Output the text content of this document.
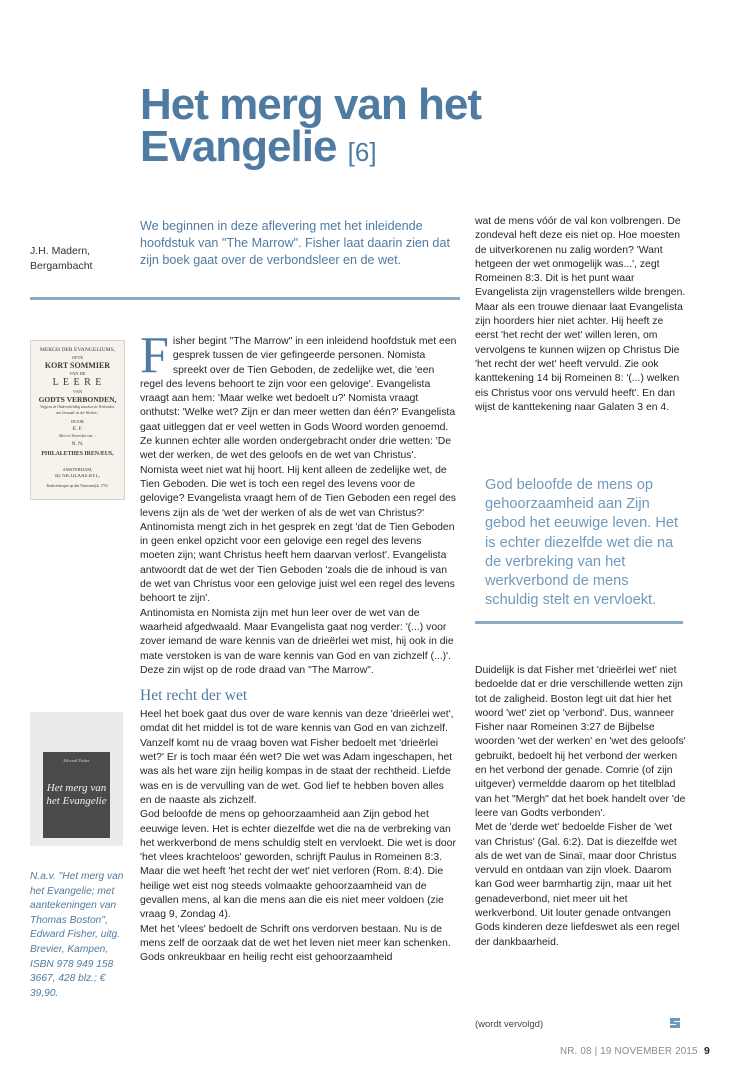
Het merg van het Evangelie [6]
J.H. Madern,
Bergambacht
We beginnen in deze aflevering met het inleidende hoofdstuk van "The Marrow". Fisher laat daarin zien dat zijn boek gaat over de verbondsleer en de wet.
MERGH DER EVANGELIUMS,
OFTE
KORT SOMMIER
VAN DE
L E E R E
VAN
GODTS VERBONDEN,
Vrijgens de Onderscheiding tusschen de Verbonden,
van Genaade en der Werken...
DOOR
E. F.
Met een Voorreden van ...
N. N.
PHILALETHES IRENÆUS,
AMSTERDAM,
By NICOLAAS BYL,
Boekverkooper op den Nieuwendyk, 1753.
Edward Fisher
Het merg van
het Evangelie
N.a.v. "Het merg van het Evangelie; met aantekeningen van Thomas Boston", Edward Fisher, uitg. Brevier, Kampen, ISBN 978 949 158 3667, 428 blz.; € 39,90.

Fisher begint "The Marrow" in een inleidend hoofdstuk met een gesprek tussen de vier gefingeerde personen. Nomista spreekt over de Tien Geboden, de zedelijke wet, die 'een regel des levens behoort te zijn voor een gelovige'. Evangelista vraagt aan hem: 'Maar welke wet bedoelt u?' Nomista vraagt onthutst: 'Welke wet? Zijn er dan meer wetten dan één?' Evangelista gaat uitleggen dat er veel wetten in Gods Woord worden genoemd. Ze kunnen echter alle worden ondergebracht onder drie wetten: 'De wet der werken, de wet des geloofs en de wet van Christus'.

Nomista weet niet wat hij hoort. Hij kent alleen de zedelijke wet, de Tien Geboden. Die wet is toch een regel des levens voor de gelovige? Evangelista vraagt hem of de Tien Geboden een regel des levens zijn als de 'wet der werken of als de wet van Christus?'

Antinomista mengt zich in het gesprek en zegt 'dat de Tien Geboden in geen enkel opzicht voor een gelovige een regel des levens moeten zijn; want Christus heeft hem daarvan verlost'. Evangelista antwoordt dat de wet der Tien Geboden 'zoals die de inhoud is van de wet van Christus voor een gelovige juist wel een regel des levens behoort te zijn'.

Antinomista en Nomista zijn met hun leer over de wet van de waarheid afgedwaald. Maar Evangelista gaat nog verder: '(...) voor zover iemand de ware kennis van de drieërlei wet mist, hij ook in die mate verstoken is van de ware kennis van God en van zichzelf (...)'. Deze zin wijst op de rode draad van "The Marrow".

Het recht der wet

Heel het boek gaat dus over de ware kennis van deze 'drieërlei wet', omdat dit het middel is tot de ware kennis van God en van zichzelf. Vanzelf komt nu de vraag boven wat Fisher bedoelt met 'drieërlei wet?' Er is toch maar één wet? Die wet was Adam ingeschapen, het was als het ware zijn heilig kompas in de staat der rechtheid. Liefde was en is de vervulling van de wet. God lief te hebben boven alles en de naaste als zichzelf.

God beloofde de mens op gehoorzaamheid aan Zijn gebod het eeuwige leven. Het is echter diezelfde wet die na de verbreking van het werkverbond de mens schuldig stelt en vervloekt. Die wet is door 'het vlees krachteloos' geworden, schrijft Paulus in Romeinen 8:3. Maar die wet heeft 'het recht der wet' niet verloren (Rom. 8:4). Die heilige wet eist nog steeds volmaakte gehoorzaamheid van de gevallen mens, al kan die mens aan die eis niet meer voldoen (zie vraag 9, Zondag 4).

Met het 'vlees' bedoelt de Schrift ons verdorven bestaan. Nu is de mens zelf de oorzaak dat de wet het leven niet meer kan schenken. Gods onkreukbaar en heilig recht eist gehoorzaamheid

wat de mens vóór de val kon volbrengen. De zondeval heft deze eis niet op. Hoe moesten de uitverkorenen nu zalig worden? 'Want hetgeen der wet onmogelijk was...', zegt Romeinen 8:3. Dit is het punt waar Evangelista zijn vragenstellers wilde brengen.

Maar als een trouwe dienaar laat Evangelista zijn hoorders hier niet achter. Hij heeft ze eerst 'het recht der wet' willen leren, om vervolgens te kunnen wijzen op Christus Die 'het recht der wet' heeft vervuld. Zie ook kanttekening 14 bij Romeinen 8: '(...) welken eis Christus voor ons vervuld heeft'. En dan wijst de kanttekening naar Galaten 3 en 4.

God beloofde de mens op gehoorzaamheid aan Zijn gebod het eeuwige leven. Het is echter diezelfde wet die na de verbreking van het werkverbond de mens schuldig stelt en vervloekt.

Duidelijk is dat Fisher met 'drieërlei wet' niet bedoelde dat er drie verschillende wetten zijn tot de zaligheid. Boston legt uit dat hier het woord 'wet' ziet op 'verbond'. Dus, wanneer Fisher naar Romeinen 3:27 de Bijbelse woorden 'wet der werken' en 'wet des geloofs' gebruikt, bedoelt hij het verbond der werken en het verbond der genade. Comrie (of zijn uitgever) vermeldde daarom op het titelblad van het "Mergh" dat het boek handelt over 'de leere van Godts verbonden'.

Met de 'derde wet' bedoelde Fisher de 'wet van Christus' (Gal. 6:2). Dat is diezelfde wet als de wet van de Sinaï, maar door Christus vervuld en ontdaan van zijn vloek. Daarom kan God weer barmhartig zijn, maar uit het genadeverbond, niet meer uit het werkverbond. Uit louter genade ontvangen Gods kinderen deze liefdeswet als een regel der dankbaarheid.

(wordt vervolgd)
NR. 08 | 19 NOVEMBER 2015 9
